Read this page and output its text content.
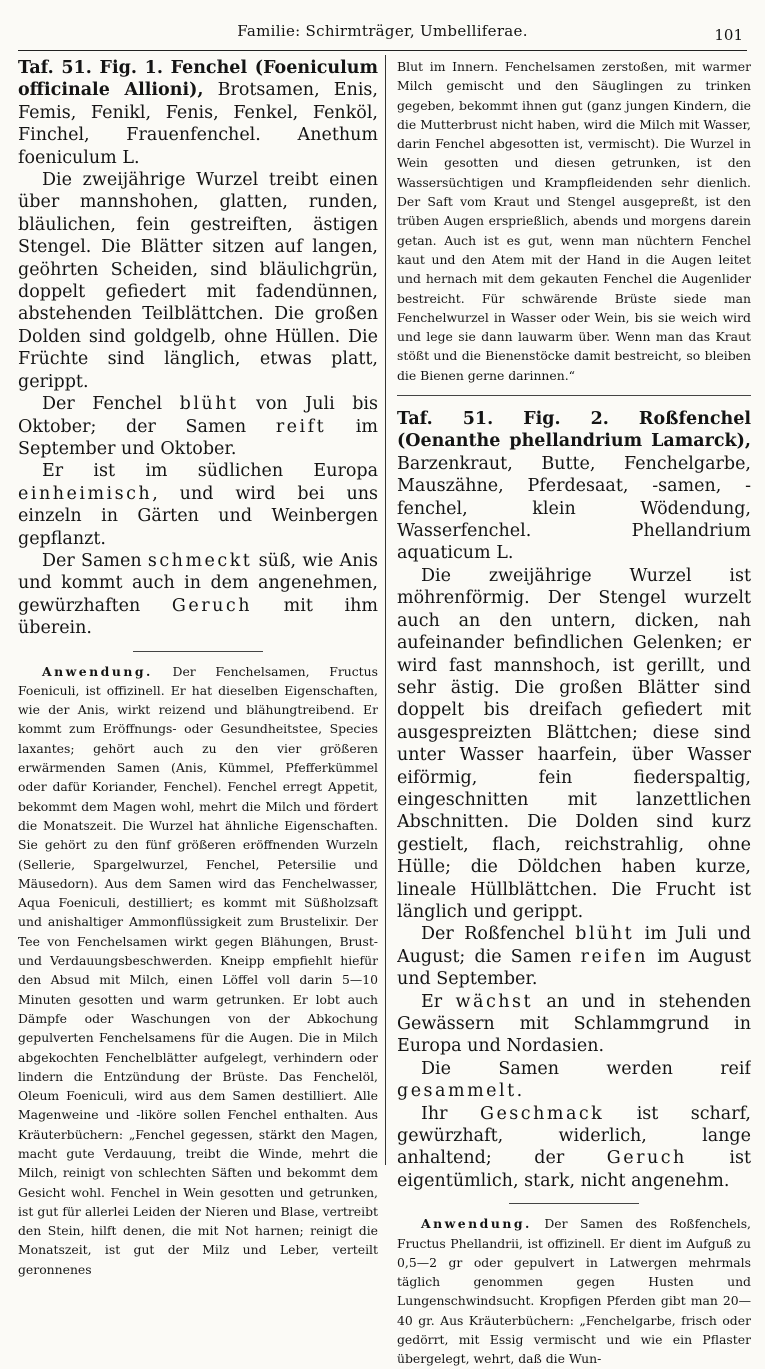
Familie: Schirmträger, Umbelliferae.	101

Taf. 51. Fig. 1. Fenchel (Foeniculum officinale Allioni), Brotsamen, Enis, Femis, Fenikl, Fenis, Fenkel, Fenköl, Finchel, Frauenfenchel. Anethum foeniculum L.

Die zweijährige Wurzel treibt einen über mannshohen, glatten, runden, bläulichen, fein gestreiften, ästigen Stengel. Die Blätter sitzen auf langen, geöhrten Scheiden, sind bläulichgrün, doppelt gefiedert mit fadendünnen, abstehenden Teilblättchen. Die großen Dolden sind goldgelb, ohne Hüllen. Die Früchte sind länglich, etwas platt, gerippt.

Der Fenchel blüht von Juli bis Oktober; der Samen reift im September und Oktober.

Er ist im südlichen Europa einheimisch, und wird bei uns einzeln in Gärten und Weinbergen gepflanzt.

Der Samen schmeckt süß, wie Anis und kommt auch in dem angenehmen, gewürzhaften Geruch mit ihm überein.

Anwendung. Der Fenchelsamen, Fructus Foeniculi, ist offizinell. Er hat dieselben Eigenschaften, wie der Anis, wirkt reizend und blähungtreibend. Er kommt zum Eröffnungs- oder Gesundheitstee, Species laxantes; gehört auch zu den vier größeren erwärmenden Samen (Anis, Kümmel, Pfefferkümmel oder dafür Koriander, Fenchel). Fenchel erregt Appetit, bekommt dem Magen wohl, mehrt die Milch und fördert die Monatszeit. Die Wurzel hat ähnliche Eigenschaften. Sie gehört zu den fünf größeren eröffnenden Wurzeln (Sellerie, Spargelwurzel, Fenchel, Petersilie und Mäusedorn). Aus dem Samen wird das Fenchelwasser, Aqua Foeniculi, destilliert; es kommt mit Süßholzsaft und anishaltiger Ammonflüssigkeit zum Brustelixir. Der Tee von Fenchelsamen wirkt gegen Blähungen, Brust- und Verdauungsbeschwerden. Kneipp empfiehlt hiefür den Absud mit Milch, einen Löffel voll darin 5—10 Minuten gesotten und warm getrunken. Er lobt auch Dämpfe oder Waschungen von der Abkochung gepulverten Fenchelsamens für die Augen. Die in Milch abgekochten Fenchelblätter aufgelegt, verhindern oder lindern die Entzündung der Brüste. Das Fenchelöl, Oleum Foeniculi, wird aus dem Samen destilliert. Alle Magenweine und -liköre sollen Fenchel enthalten. Aus Kräuterbüchern: „Fenchel gegessen, stärkt den Magen, macht gute Verdauung, treibt die Winde, mehrt die Milch, reinigt von schlechten Säften und bekommt dem Gesicht wohl. Fenchel in Wein gesotten und getrunken, ist gut für allerlei Leiden der Nieren und Blase, vertreibt den Stein, hilft denen, die mit Not harnen; reinigt die Monatszeit, ist gut der Milz und Leber, verteilt geronnenes

Blut im Innern. Fenchelsamen zerstoßen, mit warmer Milch gemischt und den Säuglingen zu trinken gegeben, bekommt ihnen gut (ganz jungen Kindern, die die Mutterbrust nicht haben, wird die Milch mit Wasser, darin Fenchel abgesotten ist, vermischt). Die Wurzel in Wein gesotten und diesen getrunken, ist den Wassersüchtigen und Krampfleidenden sehr dienlich. Der Saft vom Kraut und Stengel ausgepreßt, ist den trüben Augen ersprießlich, abends und morgens darein getan. Auch ist es gut, wenn man nüchtern Fenchel kaut und den Atem mit der Hand in die Augen leitet und hernach mit dem gekauten Fenchel die Augenlider bestreicht. Für schwärende Brüste siede man Fenchelwurzel in Wasser oder Wein, bis sie weich wird und lege sie dann lauwarm über. Wenn man das Kraut stößt und die Bienenstöcke damit bestreicht, so bleiben die Bienen gerne darinnen.“

Taf. 51. Fig. 2. Roßfenchel (Oenanthe phellandrium Lamarck), Barzenkraut, Butte, Fenchelgarbe, Mauszähne, Pferdesaat, -samen, -fenchel, klein Wödendung, Wasserfenchel. Phellandrium aquaticum L.

Die zweijährige Wurzel ist möhrenförmig. Der Stengel wurzelt auch an den untern, dicken, nah aufeinander befindlichen Gelenken; er wird fast mannshoch, ist gerillt, und sehr ästig. Die großen Blätter sind doppelt bis dreifach gefiedert mit ausgespreizten Blättchen; diese sind unter Wasser haarfein, über Wasser eiförmig, fein fiederspaltig, eingeschnitten mit lanzettlichen Abschnitten. Die Dolden sind kurz gestielt, flach, reichstrahlig, ohne Hülle; die Döldchen haben kurze, lineale Hüllblättchen. Die Frucht ist länglich und gerippt.

Der Roßfenchel blüht im Juli und August; die Samen reifen im August und September.

Er wächst an und in stehenden Gewässern mit Schlammgrund in Europa und Nordasien.

Die Samen werden reif gesammelt.

Ihr Geschmack ist scharf, gewürzhaft, widerlich, lange anhaltend; der Geruch ist eigentümlich, stark, nicht angenehm.

Anwendung. Der Samen des Roßfenchels, Fructus Phellandrii, ist offizinell. Er dient im Aufguß zu 0,5—2 gr oder gepulvert in Latwergen mehrmals täglich genommen gegen Husten und Lungenschwindsucht. Kropfigen Pferden gibt man 20—40 gr. Aus Kräuterbüchern: „Fenchelgarbe, frisch oder gedörrt, mit Essig vermischt und wie ein Pflaster übergelegt, wehrt, daß die Wun-
